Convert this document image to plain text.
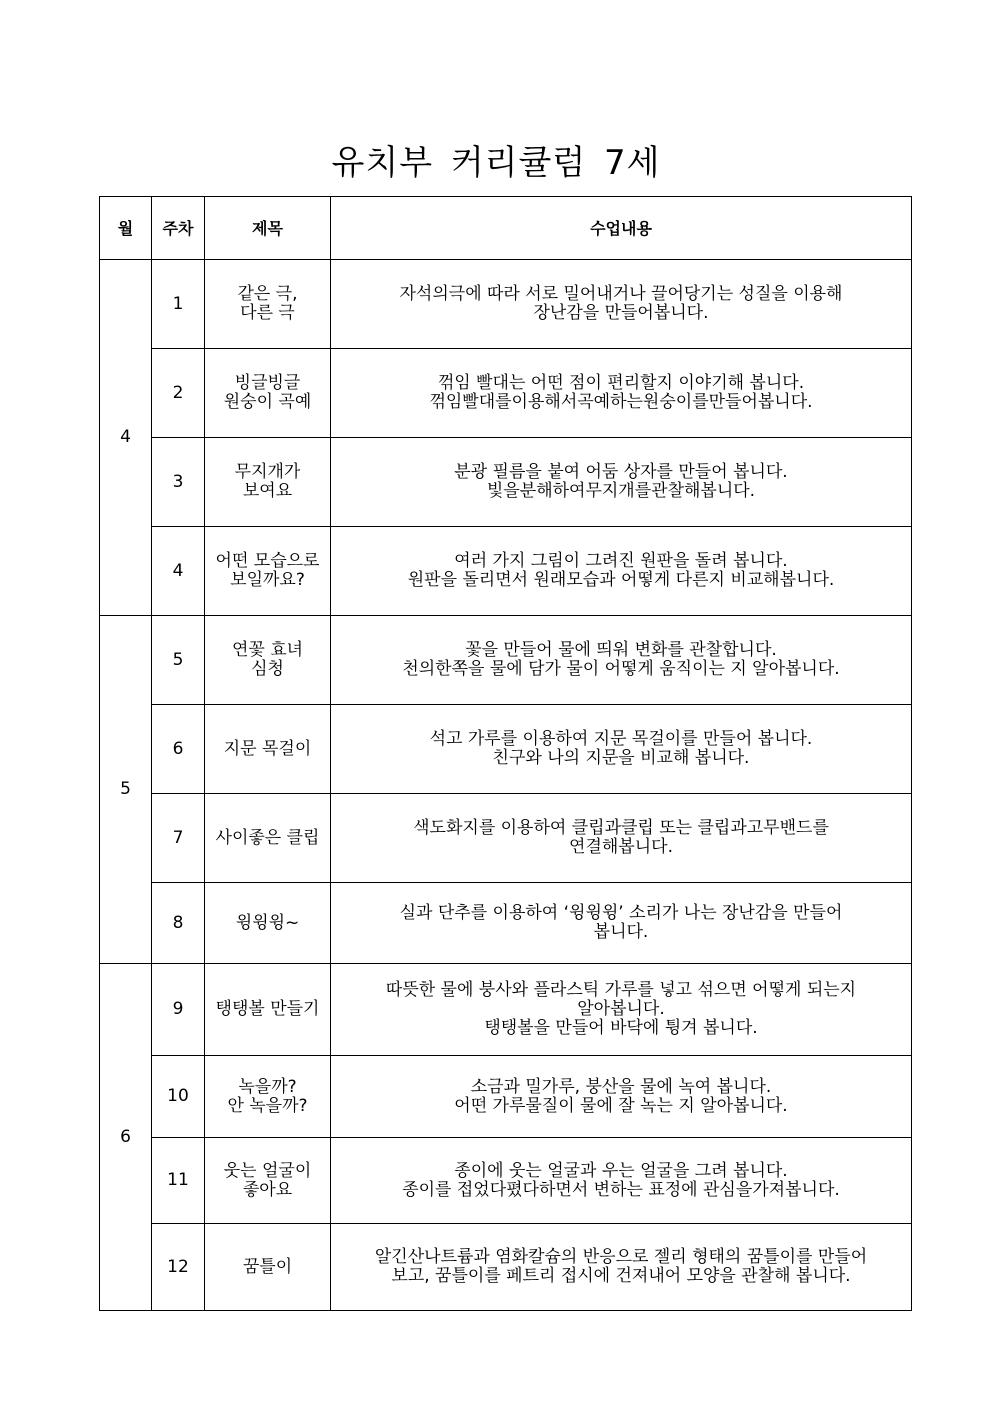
유치부 커리큘럼 7세
월	주차	제목	수업내용
4	1	같은 극,
다른 극	자석의극에 따라 서로 밀어내거나 끌어당기는 성질을 이용해
장난감을 만들어봅니다.

	2	빙글빙글
원숭이 곡예	꺾임 빨대는 어떤 점이 편리할지 이야기해 봅니다.
꺾임빨대를이용해서곡예하는원숭이를만들어봅니다.

	3	무지개가
보여요	분광 필름을 붙여 어둠 상자를 만들어 봅니다.
빛을분해하여무지개를관찰해봅니다.

	4	어떤 모습으로
보일까요?	여러 가지 그림이 그려진 원판을 돌려 봅니다.
원판을 돌리면서 원래모습과 어떻게 다른지 비교해봅니다.

5	5	연꽃 효녀
심청	꽃을 만들어 물에 띄워 변화를 관찰합니다.
천의한쪽을 물에 담가 물이 어떻게 움직이는 지 알아봅니다.

	6	지문 목걸이	석고 가루를 이용하여 지문 목걸이를 만들어 봅니다.
친구와 나의 지문을 비교해 봅니다.

	7	사이좋은 클립	색도화지를 이용하여 클립과클립 또는 클립과고무밴드를
연결해봅니다.

	8	윙윙윙~	실과 단추를 이용하여 ‘윙윙윙’ 소리가 나는 장난감을 만들어
봅니다.

6	9	탱탱볼 만들기	따뜻한 물에 붕사와 플라스틱 가루를 넣고 섞으면 어떻게 되는지
알아봅니다.
탱탱볼을 만들어 바닥에 튕겨 봅니다.

	10	녹을까?
안 녹을까?	소금과 밀가루, 붕산을 물에 녹여 봅니다.
어떤 가루물질이 물에 잘 녹는 지 알아봅니다.

	11	웃는 얼굴이
좋아요	종이에 웃는 얼굴과 우는 얼굴을 그려 봅니다.
종이를 접었다폈다하면서 변하는 표정에 관심을가져봅니다.

	12	꿈틀이	알긴산나트륨과 염화칼슘의 반응으로 젤리 형태의 꿈틀이를 만들어
보고, 꿈틀이를 페트리 접시에 건져내어 모양을 관찰해 봅니다.
